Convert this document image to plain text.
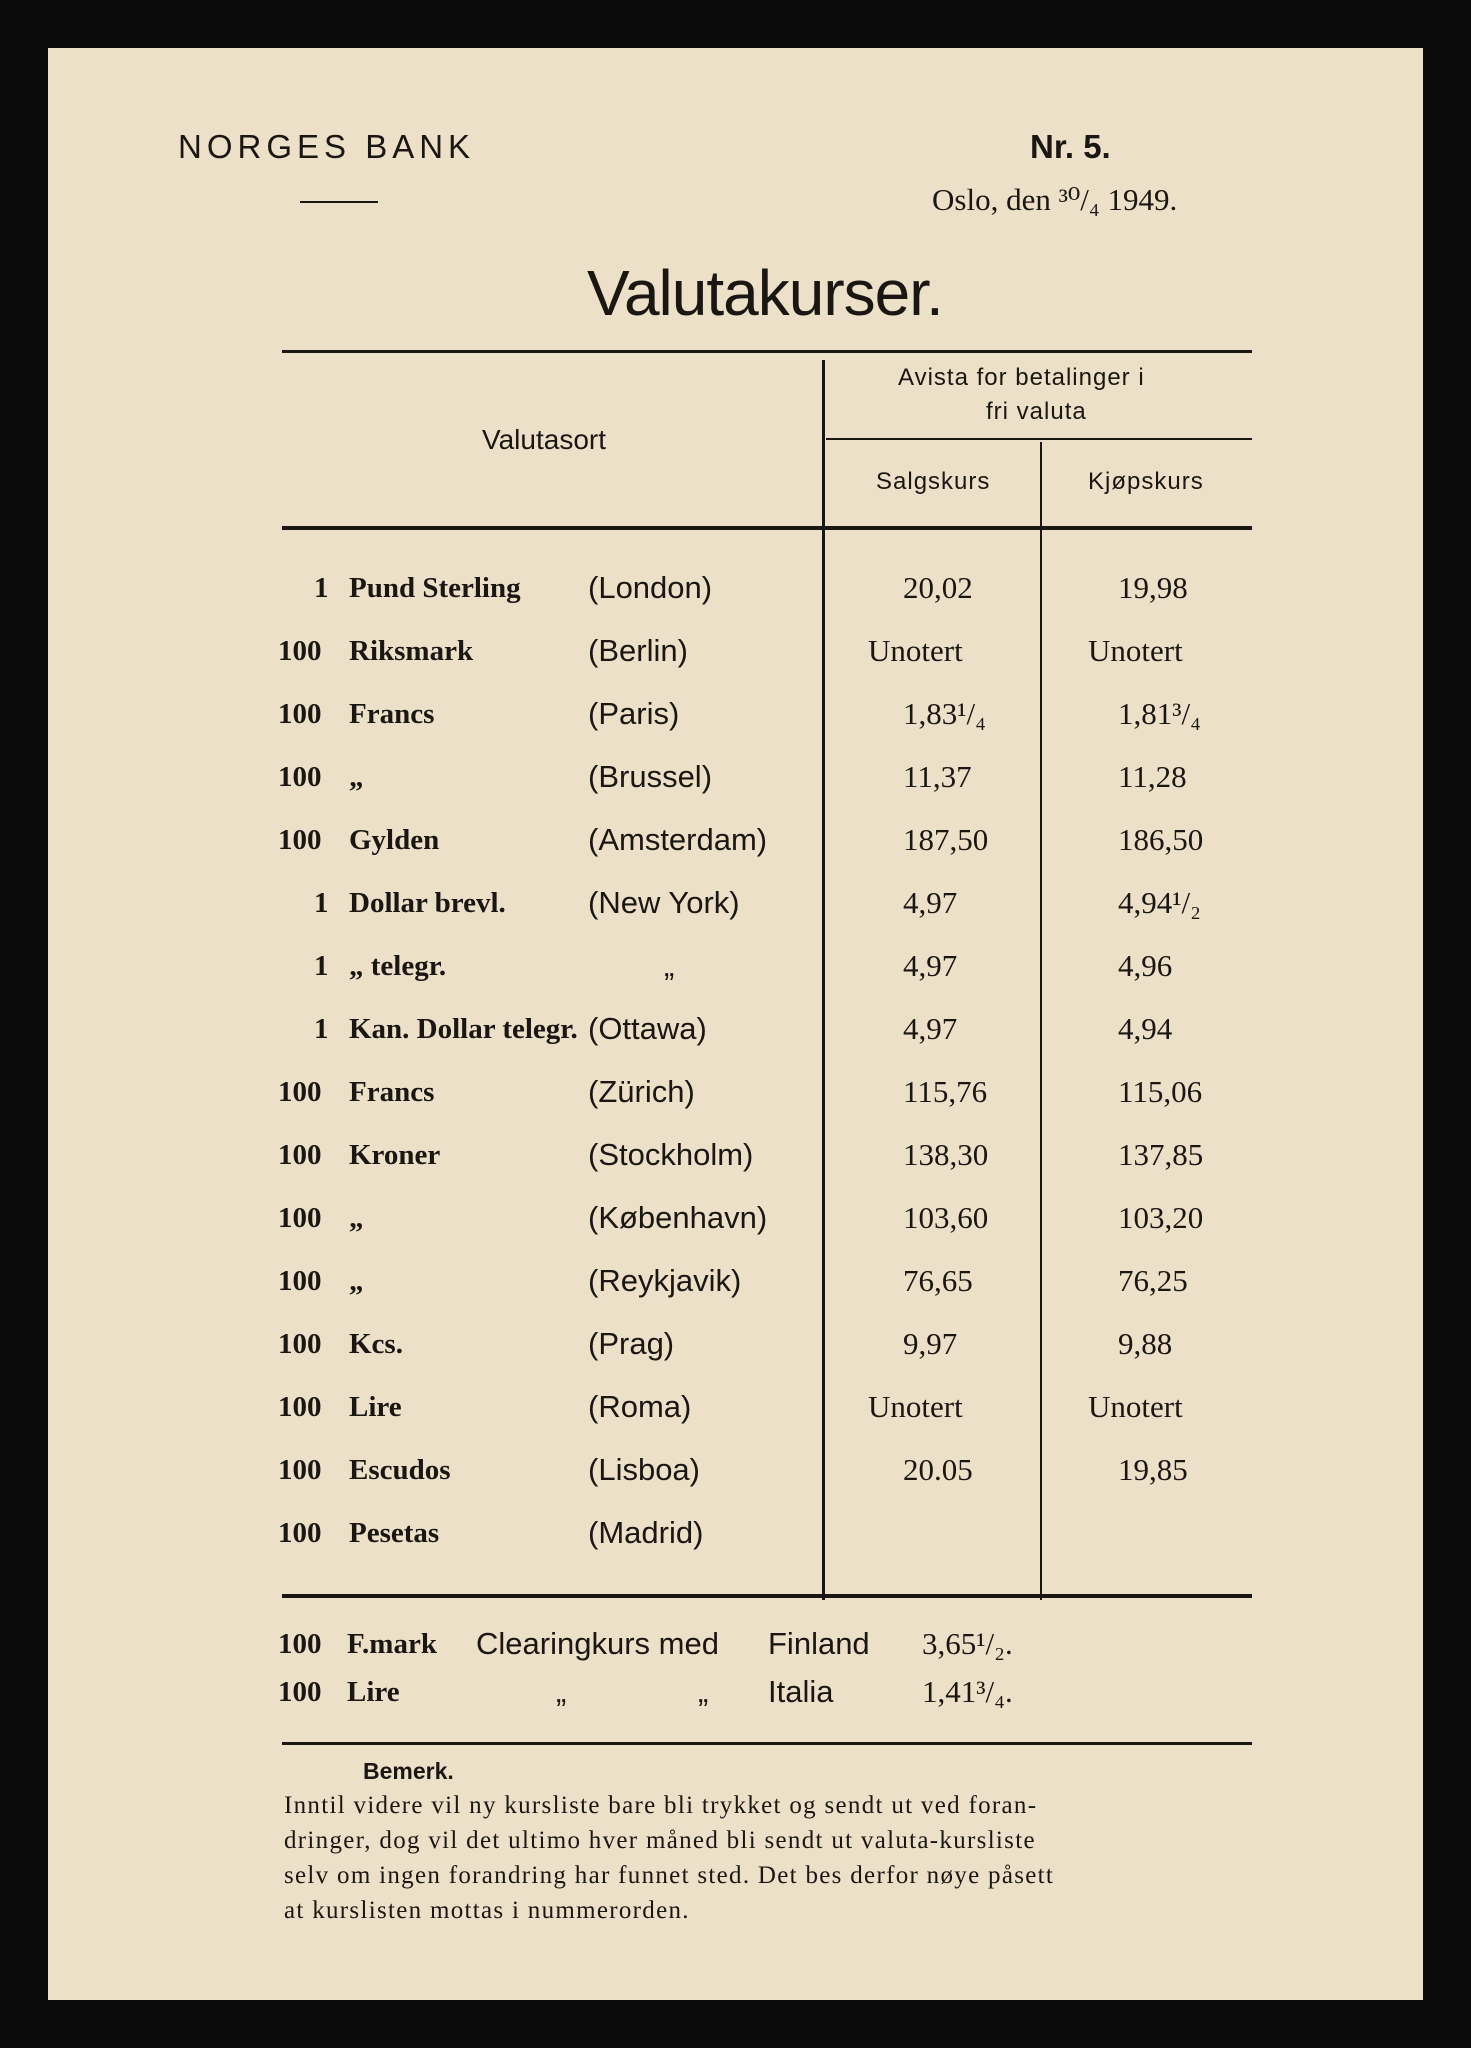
NORGES BANK	Nr. 5.
Oslo, den ³⁰/₄ 1949.
Valutakurser.
Valutasort
Avista for betalinger i
fri valuta
Salgskurs	Kjøpskurs
1 Pund Sterling (London)	20,02	19,98
100 Riksmark	(Berlin)	Unotert	Unotert
100 Francs	(Paris)	1,83¹/₄	1,81³/₄
100 „	(Brussel)	11,37	11,28
100 Gylden	(Amsterdam)	187,50	186,50
1 Dollar brevl.	(New York)	4,97	4,94¹/₂
1 „ telegr.	„	4,97	4,96
1 Kan. Dollar telegr. (Ottawa)	4,97	4,94
100 Francs	(Zürich)	115,76	115,06
100 Kroner	(Stockholm)	138,30	137,85
100 „	(København)	103,60	103,20
100 „	(Reykjavik)	76,65	76,25
100 Kcs.	(Prag)	9,97	9,88
100 Lire	(Roma)	Unotert	Unotert
100 Escudos	(Lisboa)	20.05	19,85
100 Pesetas	(Madrid)
100 F.mark Clearingkurs med Finland 3,65¹/₂.
100 Lire	„	„ Italia	1,41³/₄.
Bemerk.
Inntil videre vil ny kursliste bare bli trykket og sendt ut ved foran-
dringer, dog vil det ultimo hver måned bli sendt ut valuta-kursliste
selv om ingen forandring har funnet sted. Det bes derfor nøye påsett
at kurslisten mottas i nummerorden.
